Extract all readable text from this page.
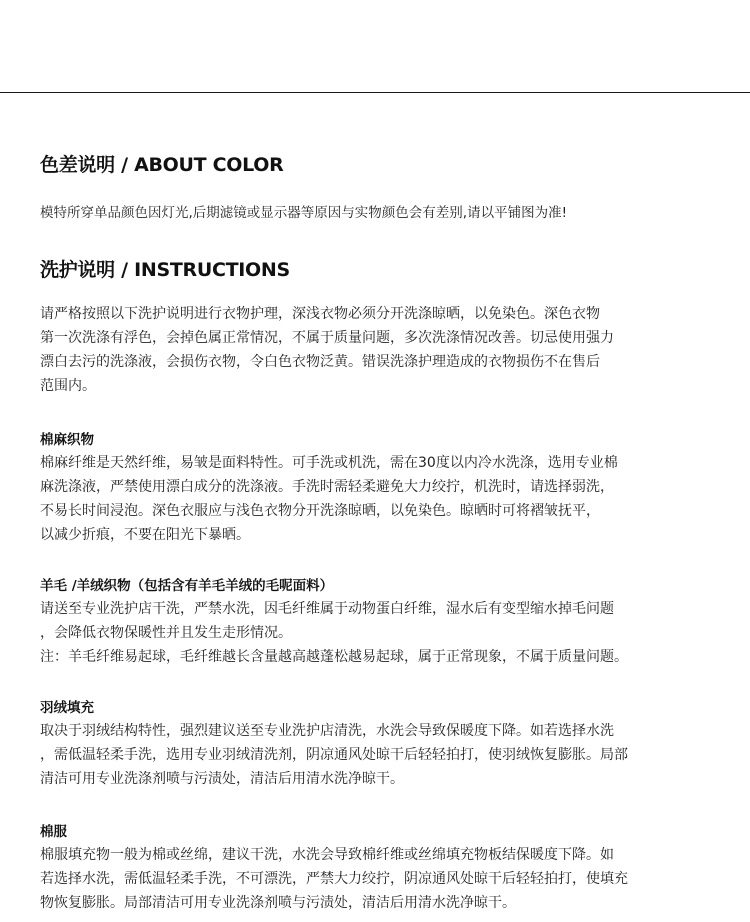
色差说明 / ABOUT COLOR
模特所穿单品颜色因灯光,后期滤镜或显示器等原因与实物颜色会有差别,请以平铺图为准!
洗护说明 / INSTRUCTIONS
请严格按照以下洗护说明进行衣物护理，深浅衣物必须分开洗涤晾晒，以免染色。深色衣物
第一次洗涤有浮色，会掉色属正常情况，不属于质量问题，多次洗涤情况改善。切忌使用强力
漂白去污的洗涤液，会损伤衣物，令白色衣物泛黄。错误洗涤护理造成的衣物损伤不在售后
范围内。
棉麻织物
棉麻纤维是天然纤维，易皱是面料特性。可手洗或机洗，需在30度以内冷水洗涤，选用专业棉
麻洗涤液，严禁使用漂白成分的洗涤液。手洗时需轻柔避免大力绞拧，机洗时，请选择弱洗，
不易长时间浸泡。深色衣服应与浅色衣物分开洗涤晾晒，以免染色。晾晒时可将褶皱抚平，
以减少折痕，不要在阳光下暴晒。
羊毛 /羊绒织物（包括含有羊毛羊绒的毛呢面料）
请送至专业洗护店干洗，严禁水洗，因毛纤维属于动物蛋白纤维，湿水后有变型缩水掉毛问题
，会降低衣物保暖性并且发生走形情况。
注：羊毛纤维易起球，毛纤维越长含量越高越蓬松越易起球，属于正常现象，不属于质量问题。
羽绒填充
取决于羽绒结构特性，强烈建议送至专业洗护店清洗，水洗会导致保暖度下降。如若选择水洗
，需低温轻柔手洗，选用专业羽绒清洗剂，阴凉通风处晾干后轻轻拍打，使羽绒恢复膨胀。局部
清洁可用专业洗涤剂喷与污渍处，清洁后用清水洗净晾干。
棉服
棉服填充物一般为棉或丝绵，建议干洗，水洗会导致棉纤维或丝绵填充物板结保暖度下降。如
若选择水洗，需低温轻柔手洗，不可漂洗，严禁大力绞拧，阴凉通风处晾干后轻轻拍打，使填充
物恢复膨胀。局部清洁可用专业洗涤剂喷与污渍处，清洁后用清水洗净晾干。
